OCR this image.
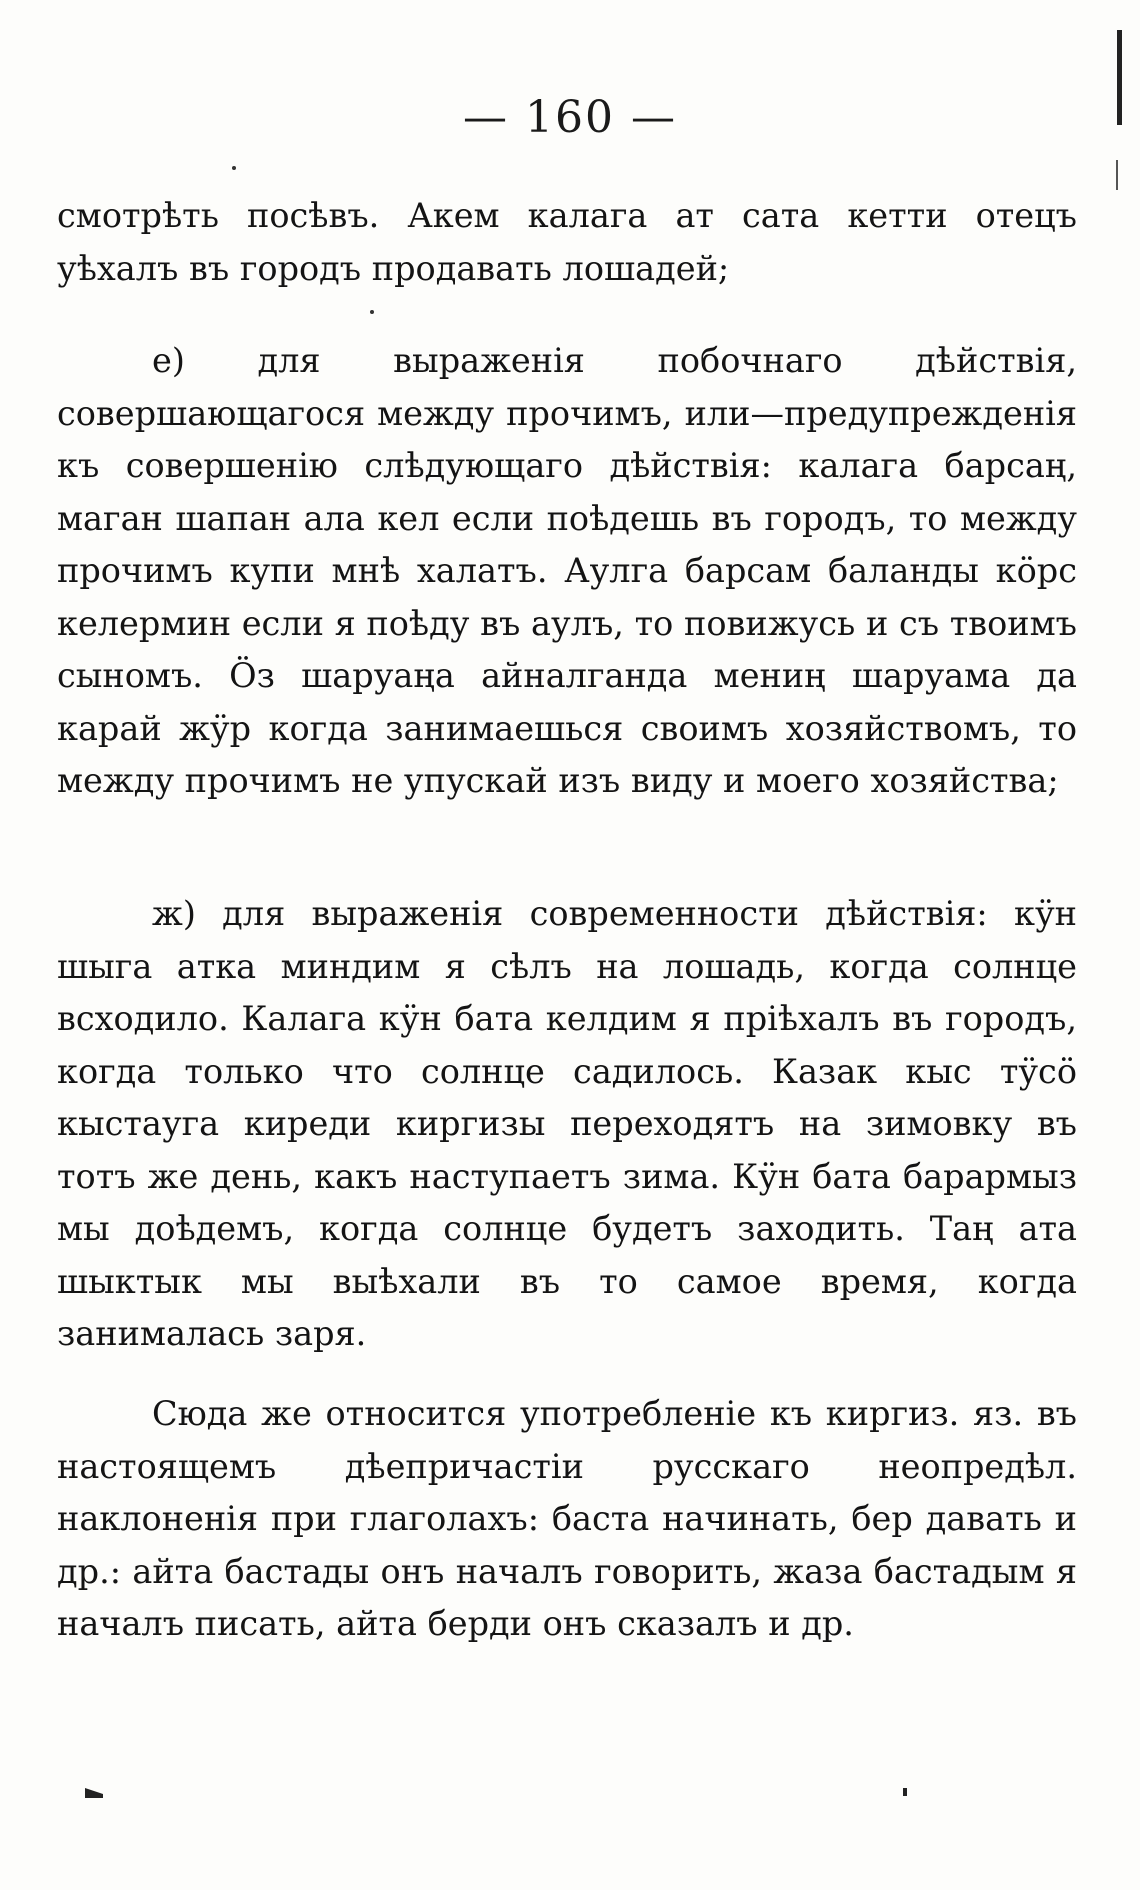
— 160 —

смотрѣть посѣвъ. Акем калага ат сата кетти отецъ уѣхалъ въ городъ продавать лошадей;

е) для выраженія побочнаго дѣйствія, совершающагося между прочимъ, или—предупрежденія къ совершенію слѣдующаго дѣйствія: калага барсаң, маган шапан ала кел если поѣдешь въ городъ, то между прочимъ купи мнѣ халатъ. Аулга барсам баланды кӧрс келермин если я поѣду въ аулъ, то повижусь и съ твоимъ сыномъ. Ӧз шаруаңа айналганда мениң шаруама да карай жӱр когда занимаешься своимъ хозяйствомъ, то между прочимъ не упускай изъ виду и моего хозяйства;

ж) для выраженія современности дѣйствія: кӱн шыга атка миндим я сѣлъ на лошадь, когда солнце всходило. Калага кӱн бата келдим я пріѣхалъ въ городъ, когда только что солнце садилось. Казак кыс тӱсӧ кыстаугa киреди киргизы переходятъ на зимовку въ тотъ же день, какъ наступаетъ зима. Кӱн бата барармыз мы доѣдемъ, когда солнце будетъ заходить. Таң ата шыктык мы выѣхали въ то самое время, когда занималась заря.

Сюда же относится употребленіе къ киргиз. яз. въ настоящемъ дѣепричастіи русскаго неопредѣл. наклоненія при глаголахъ: баста начинать, бер давать и др.: айта бастады онъ началъ говорить, жаза бастадым я началъ писать, айта берди онъ сказалъ и др.
